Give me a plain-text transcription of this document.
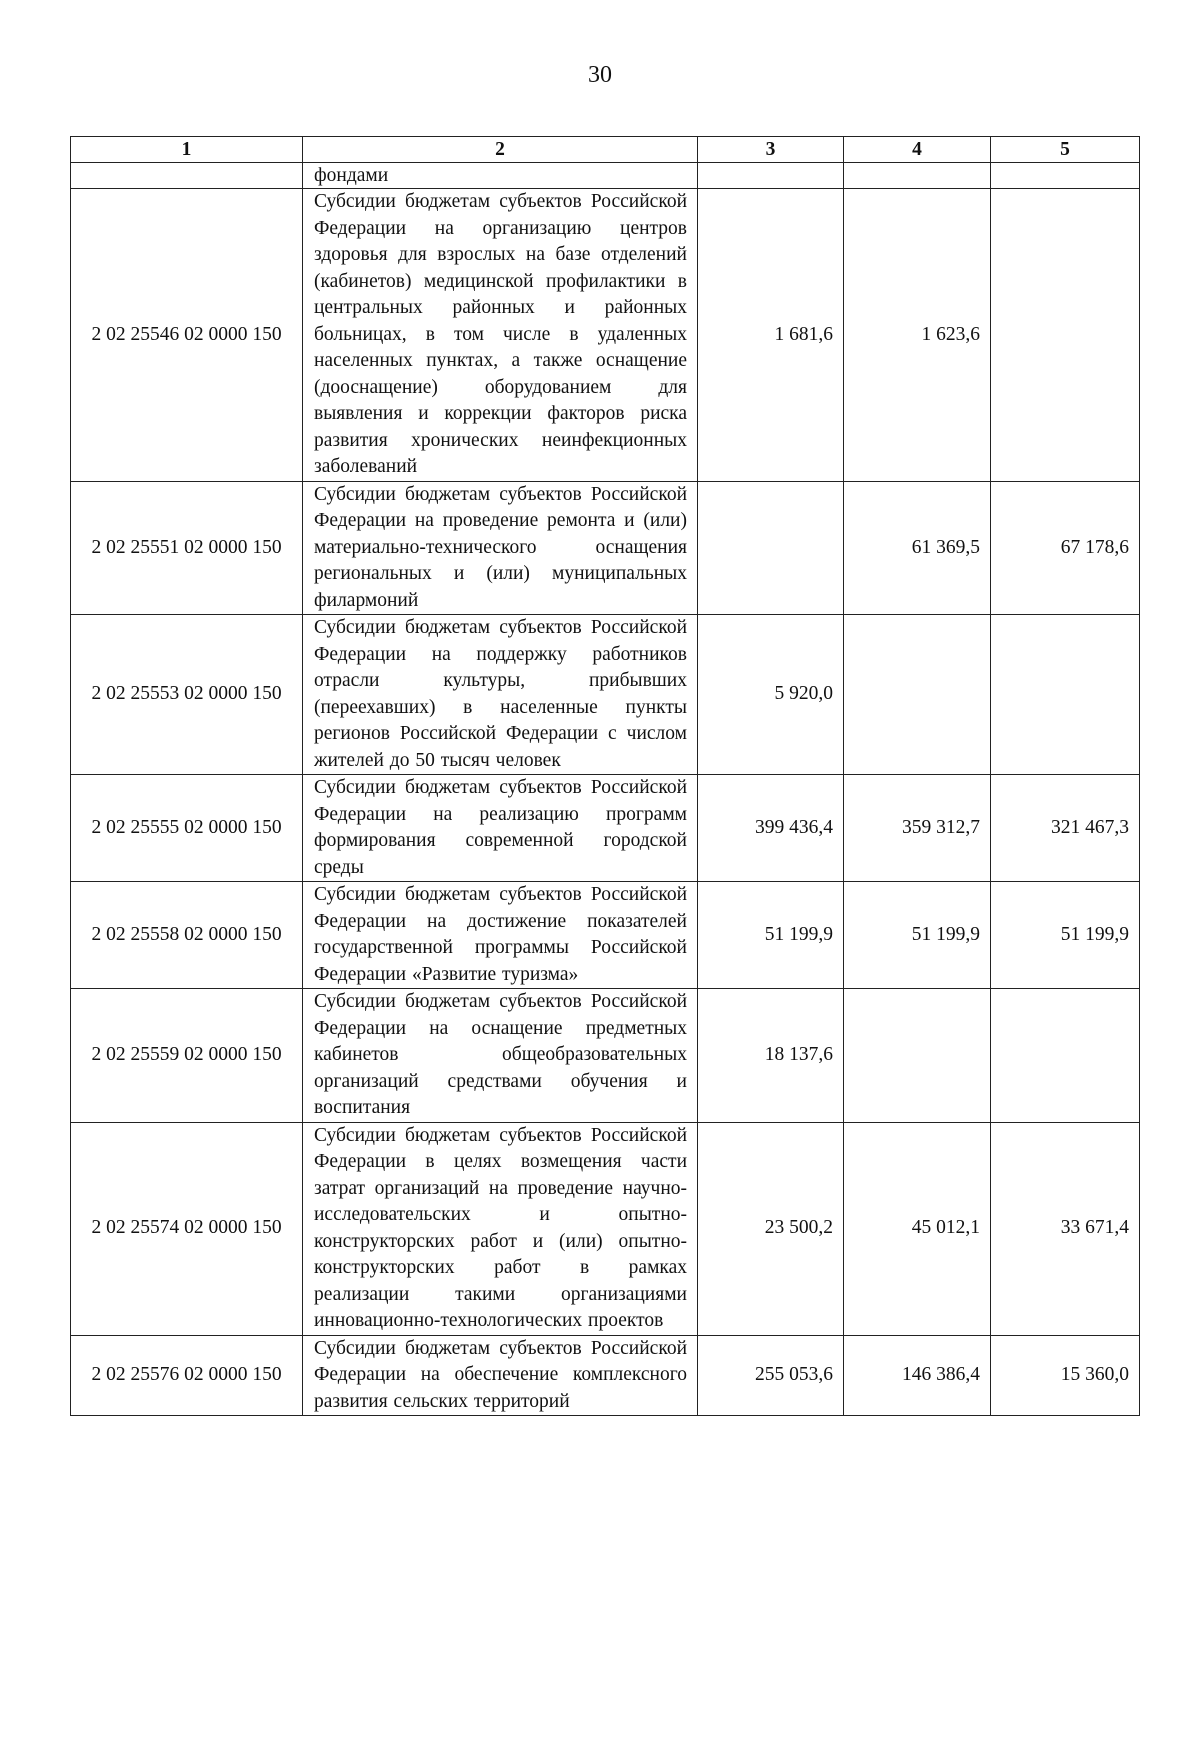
30
1	2	3	4	5
	фондами			
2 02 25546 02 0000 150	Субсидии бюджетам субъектов Российской Федерации на организацию центров здоровья для взрослых на базе отделений (кабинетов) медицинской профилактики в центральных районных и районных больницах, в том числе в удаленных населенных пунктах, а также оснащение (дооснащение) оборудованием для выявления и коррекции факторов риска развития хронических неинфекционных заболеваний	1 681,6	1 623,6	
2 02 25551 02 0000 150	Субсидии бюджетам субъектов Российской Федерации на проведение ремонта и (или) материально-технического оснащения региональных и (или) муниципальных филармоний		61 369,5	67 178,6
2 02 25553 02 0000 150	Субсидии бюджетам субъектов Российской Федерации на поддержку работников отрасли культуры, прибывших (переехавших) в населенные пункты регионов Российской Федерации с числом жителей до 50 тысяч человек	5 920,0		
2 02 25555 02 0000 150	Субсидии бюджетам субъектов Российской Федерации на реализацию программ формирования современной городской среды	399 436,4	359 312,7	321 467,3
2 02 25558 02 0000 150	Субсидии бюджетам субъектов Российской Федерации на достижение показателей государственной программы Российской Федерации «Развитие туризма»	51 199,9	51 199,9	51 199,9
2 02 25559 02 0000 150	Субсидии бюджетам субъектов Российской Федерации на оснащение предметных кабинетов общеобразовательных организаций средствами обучения и воспитания	18 137,6		
2 02 25574 02 0000 150	Субсидии бюджетам субъектов Российской Федерации в целях возмещения части затрат организаций на проведение научно-исследовательских и опытно-конструкторских работ и (или) опытно-конструкторских работ в рамках реализации такими организациями инновационно-технологических проектов	23 500,2	45 012,1	33 671,4
2 02 25576 02 0000 150	Субсидии бюджетам субъектов Российской Федерации на обеспечение комплексного развития сельских территорий	255 053,6	146 386,4	15 360,0
